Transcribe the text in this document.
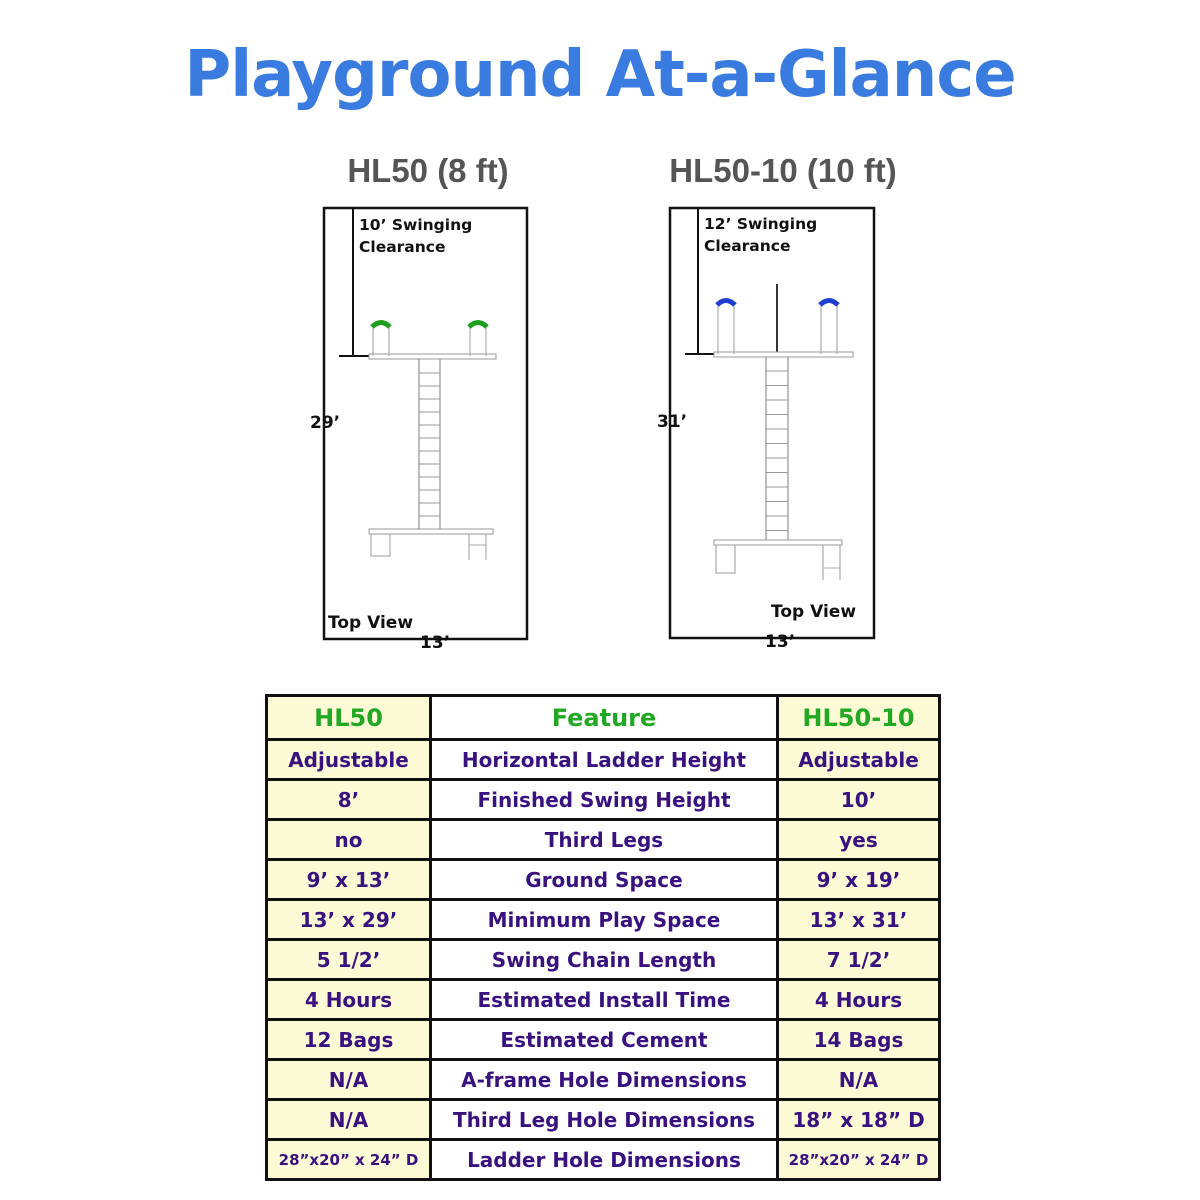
Playground At-a-Glance
HL50 (8 ft)	HL50-10 (10 ft)
10’ Swinging Clearance
29’
13’
Top View
12’ Swinging Clearance
31’
13’
Top View
HL50	Feature	HL50-10
Adjustable	Horizontal Ladder Height	Adjustable
8’	Finished Swing Height	10’
no	Third Legs	yes
9’ x 13’	Ground Space	9’ x 19’
13’ x 29’	Minimum Play Space	13’ x 31’
5 1/2’	Swing Chain Length	7 1/2’
4 Hours	Estimated Install Time	4 Hours
12 Bags	Estimated Cement	14 Bags
N/A	A-frame Hole Dimensions	N/A
N/A	Third Leg Hole Dimensions	18” x 18” D
28”x20” x 24” D	Ladder Hole Dimensions	28”x20” x 24” D
